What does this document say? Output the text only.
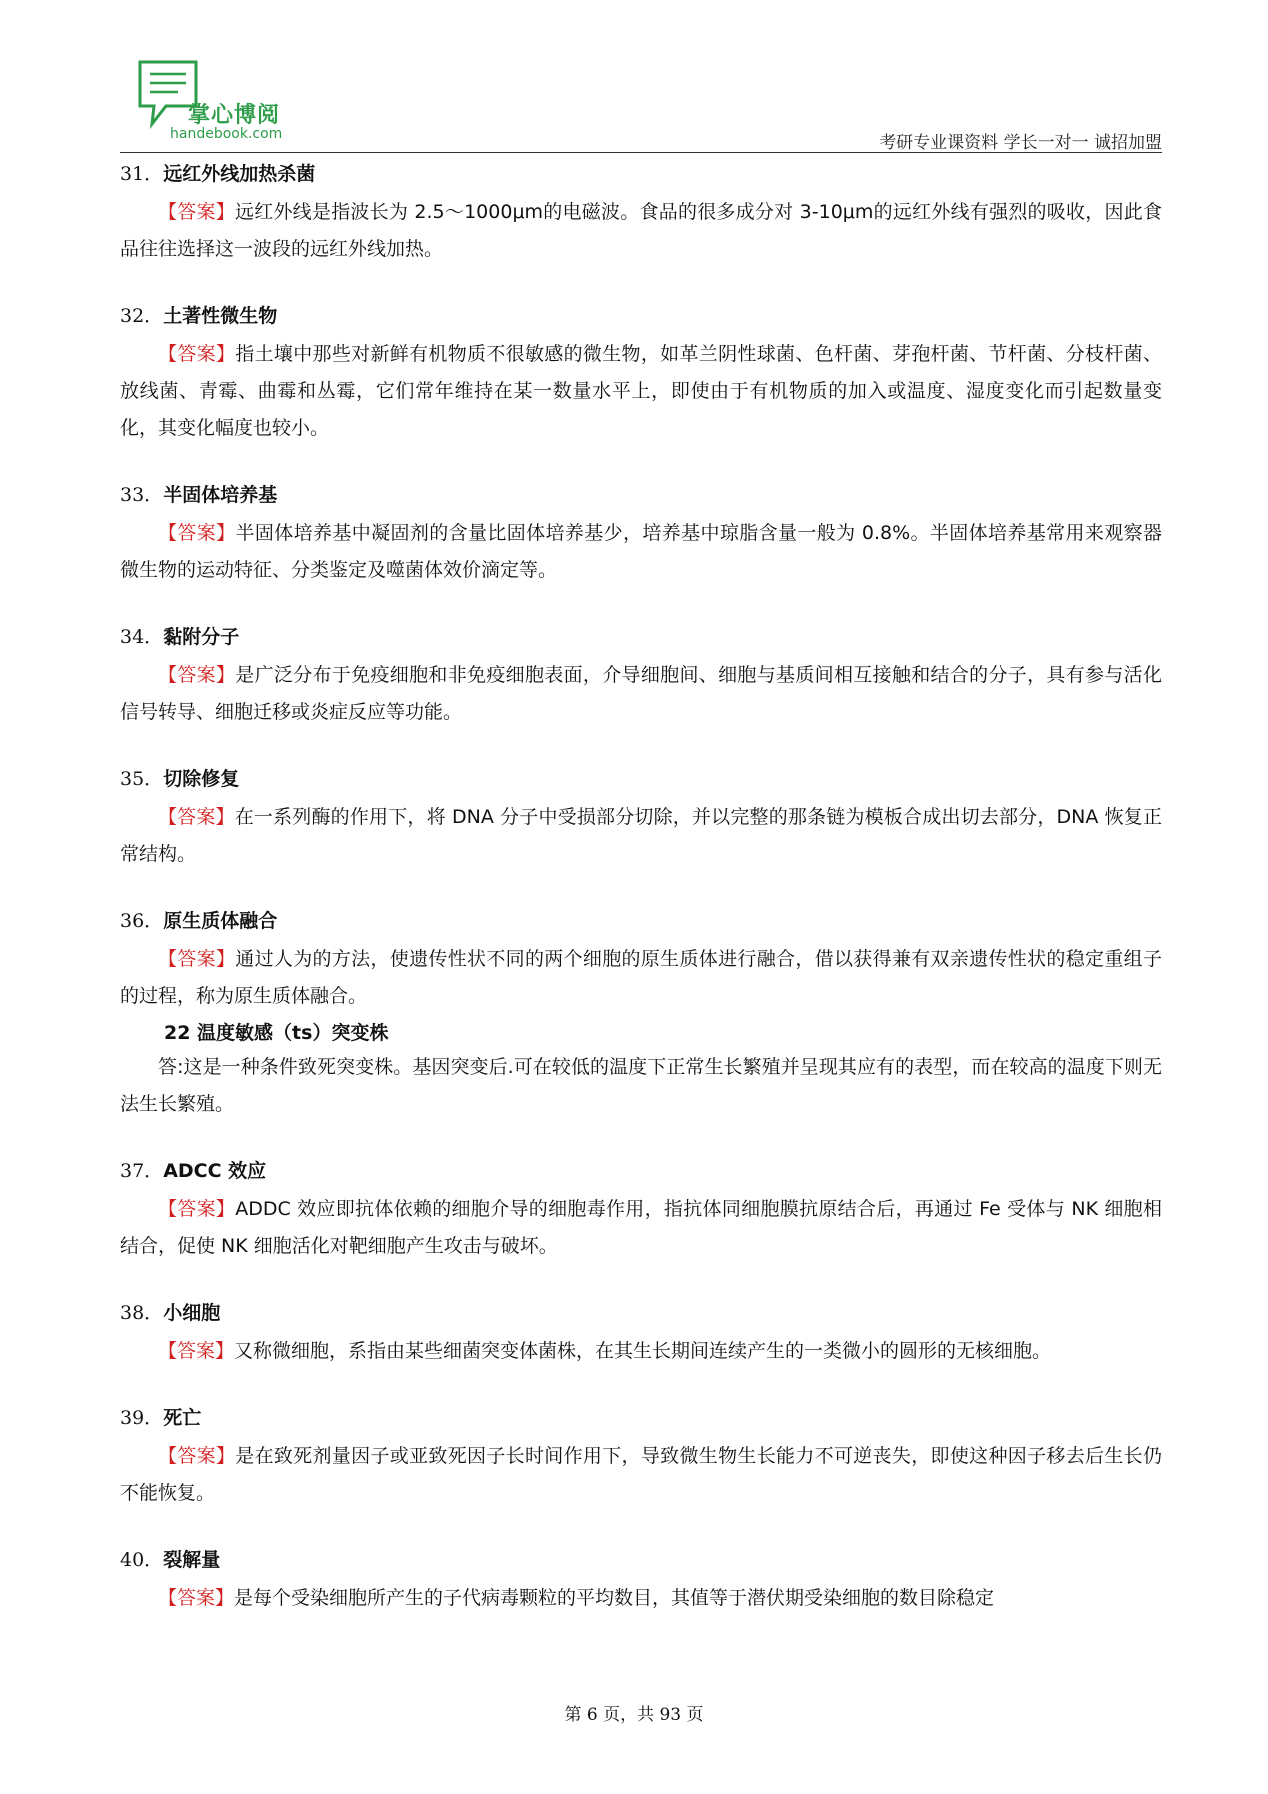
掌心博阅
handebook.com	考研专业课资料 学长一对一 诚招加盟
31．远红外线加热杀菌

【答案】远红外线是指波长为 2.5～1000μm的电磁波。食品的很多成分对 3-10μm的远红外线有强烈的吸收，因此食品往往选择这一波段的远红外线加热。

32．土著性微生物

【答案】指土壤中那些对新鲜有机物质不很敏感的微生物，如革兰阴性球菌、色杆菌、芽孢杆菌、节杆菌、分枝杆菌、放线菌、青霉、曲霉和丛霉，它们常年维持在某一数量水平上，即使由于有机物质的加入或温度、湿度变化而引起数量变化，其变化幅度也较小。

33．半固体培养基

【答案】半固体培养基中凝固剂的含量比固体培养基少，培养基中琼脂含量一般为 0.8%。半固体培养基常用来观察器微生物的运动特征、分类鉴定及噬菌体效价滴定等。

34．黏附分子

【答案】是广泛分布于免疫细胞和非免疫细胞表面，介导细胞间、细胞与基质间相互接触和结合的分子，具有参与活化信号转导、细胞迁移或炎症反应等功能。

35．切除修复

【答案】在一系列酶的作用下，将 DNA 分子中受损部分切除，并以完整的那条链为模板合成出切去部分，DNA 恢复正常结构。

36．原生质体融合

【答案】通过人为的方法，使遗传性状不同的两个细胞的原生质体进行融合，借以获得兼有双亲遗传性状的稳定重组子的过程，称为原生质体融合。

22 温度敏感（ts）突变株

答:这是一种条件致死突变株。基因突变后.可在较低的温度下正常生长繁殖并呈现其应有的表型，而在较高的温度下则无法生长繁殖。

37．ADCC 效应

【答案】ADDC 效应即抗体依赖的细胞介导的细胞毒作用，指抗体同细胞膜抗原结合后，再通过 Fe 受体与 NK 细胞相结合，促使 NK 细胞活化对靶细胞产生攻击与破坏。

38．小细胞

【答案】又称微细胞，系指由某些细菌突变体菌株，在其生长期间连续产生的一类微小的圆形的无核细胞。

39．死亡

【答案】是在致死剂量因子或亚致死因子长时间作用下，导致微生物生长能力不可逆丧失，即使这种因子移去后生长仍不能恢复。

40．裂解量

【答案】是每个受染细胞所产生的子代病毒颗粒的平均数目，其值等于潜伏期受染细胞的数目除稳定

第 6 页，共 93 页
